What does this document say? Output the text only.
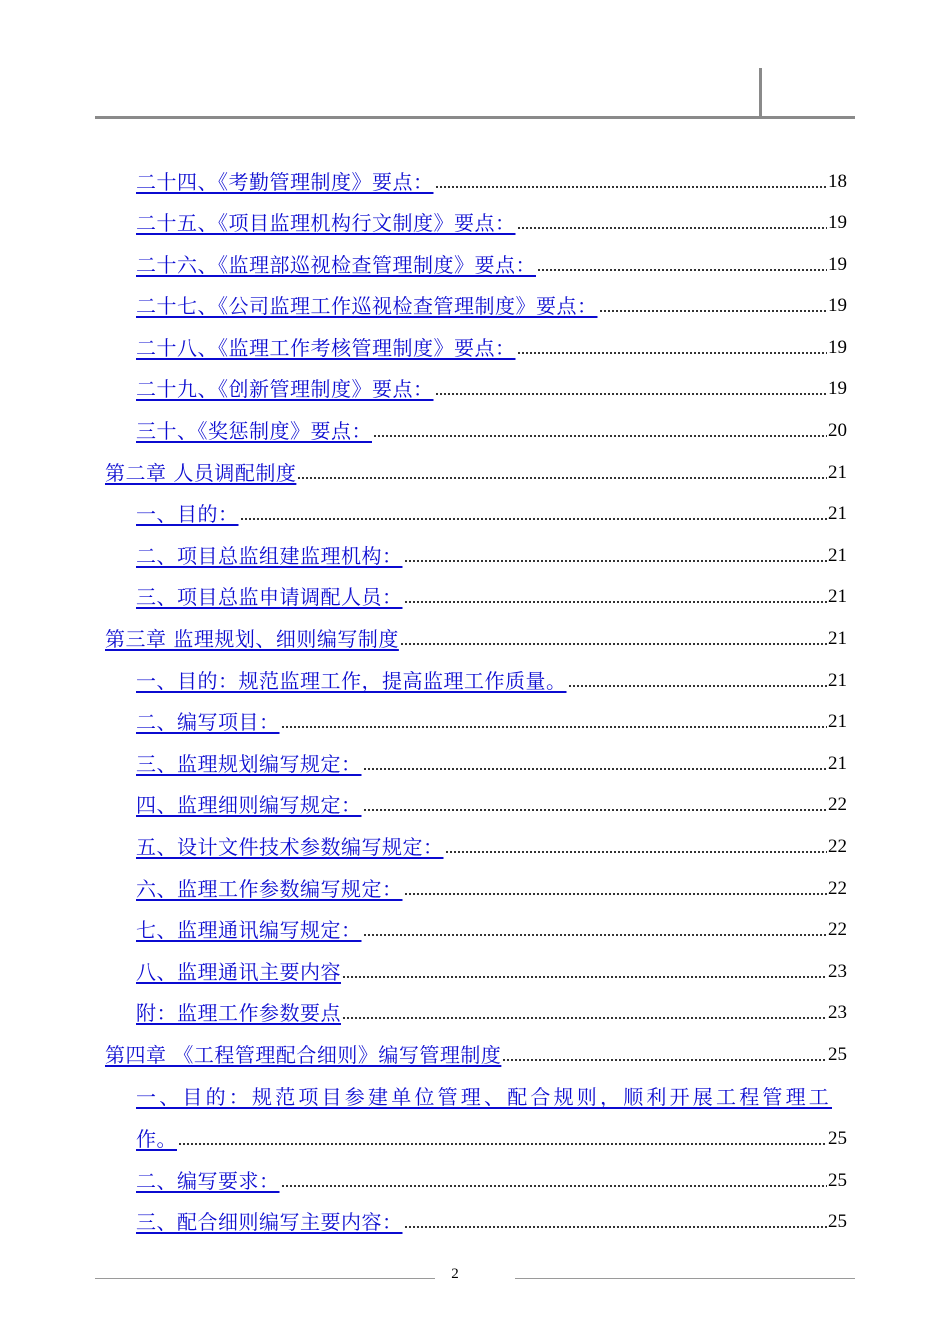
二十四、《考勤管理制度》要点：	18
二十五、《项目监理机构行文制度》要点：	19
二十六、《监理部巡视检查管理制度》要点：	19
二十七、《公司监理工作巡视检查管理制度》要点：	19
二十八、《监理工作考核管理制度》要点：	19
二十九、《创新管理制度》要点：	19
三十、《奖惩制度》要点：	20
第二章 人员调配制度	21
一、目的：	21
二、项目总监组建监理机构：	21
三、项目总监申请调配人员：	21
第三章 监理规划、细则编写制度	21
一、目的：规范监理工作，提高监理工作质量。	21
二、编写项目：	21
三、监理规划编写规定：	21
四、监理细则编写规定：	22
五、设计文件技术参数编写规定：	22
六、监理工作参数编写规定：	22
七、监理通讯编写规定：	22
八、监理通讯主要内容	23
附：监理工作参数要点	23
第四章 《工程管理配合细则》编写管理制度	25
一、目的：规范项目参建单位管理、配合规则，顺利开展工程管理工
作。	25
二、编写要求：	25
三、配合细则编写主要内容：	25
2
